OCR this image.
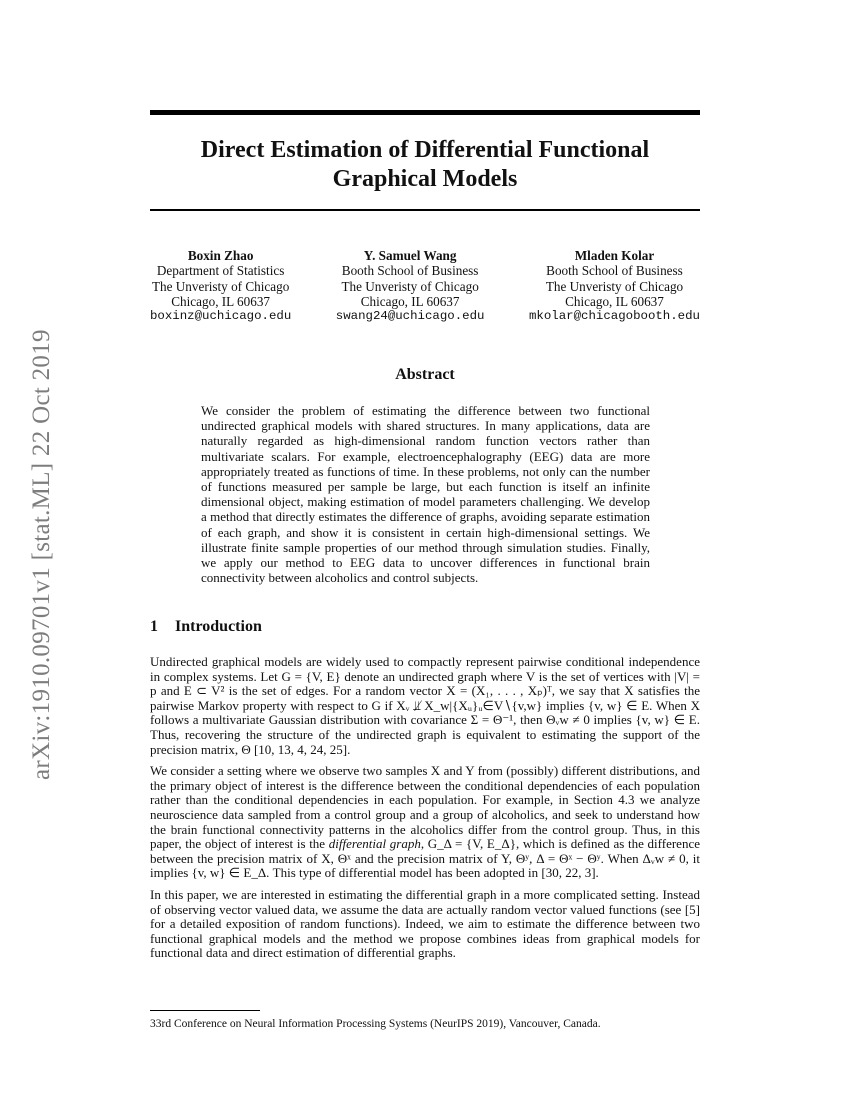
arXiv:1910.09701v1 [stat.ML] 22 Oct 2019
Direct Estimation of Differential Functional
Graphical Models
Boxin Zhao
Department of Statistics
The Unveristy of Chicago
Chicago, IL 60637
boxinz@uchicago.edu
Y. Samuel Wang
Booth School of Business
The Unveristy of Chicago
Chicago, IL 60637
swang24@uchicago.edu
Mladen Kolar
Booth School of Business
The Unveristy of Chicago
Chicago, IL 60637
mkolar@chicagobooth.edu
Abstract

We consider the problem of estimating the difference between two functional undirected graphical models with shared structures. In many applications, data are naturally regarded as high-dimensional random function vectors rather than multivariate scalars. For example, electroencephalography (EEG) data are more appropriately treated as functions of time. In these problems, not only can the number of functions measured per sample be large, but each function is itself an infinite dimensional object, making estimation of model parameters challenging. We develop a method that directly estimates the difference of graphs, avoiding separate estimation of each graph, and show it is consistent in certain high-dimensional settings. We illustrate finite sample properties of our method through simulation studies. Finally, we apply our method to EEG data to uncover differences in functional brain connectivity between alcoholics and control subjects.

1 Introduction

Undirected graphical models are widely used to compactly represent pairwise conditional independence in complex systems. Let G = {V, E} denote an undirected graph where V is the set of vertices with |V| = p and E ⊂ V² is the set of edges. For a random vector X = (X₁, . . . , Xₚ)ᵀ, we say that X satisfies the pairwise Markov property with respect to G if Xᵥ ⫫̸ X_w|{Xᵤ}ᵤ∈V∖{v,w} implies {v, w} ∈ E. When X follows a multivariate Gaussian distribution with covariance Σ = Θ⁻¹, then Θᵥw ≠ 0 implies {v, w} ∈ E. Thus, recovering the structure of the undirected graph is equivalent to estimating the support of the precision matrix, Θ [10, 13, 4, 24, 25].

We consider a setting where we observe two samples X and Y from (possibly) different distributions, and the primary object of interest is the difference between the conditional dependencies of each population rather than the conditional dependencies in each population. For example, in Section 4.3 we analyze neuroscience data sampled from a control group and a group of alcoholics, and seek to understand how the brain functional connectivity patterns in the alcoholics differ from the control group. Thus, in this paper, the object of interest is the differential graph, G_Δ = {V, E_Δ}, which is defined as the difference between the precision matrix of X, Θˣ and the precision matrix of Y, Θʸ, Δ = Θˣ − Θʸ. When Δᵥw ≠ 0, it implies {v, w} ∈ E_Δ. This type of differential model has been adopted in [30, 22, 3].

In this paper, we are interested in estimating the differential graph in a more complicated setting. Instead of observing vector valued data, we assume the data are actually random vector valued functions (see [5] for a detailed exposition of random functions). Indeed, we aim to estimate the difference between two functional graphical models and the method we propose combines ideas from graphical models for functional data and direct estimation of differential graphs.

33rd Conference on Neural Information Processing Systems (NeurIPS 2019), Vancouver, Canada.
